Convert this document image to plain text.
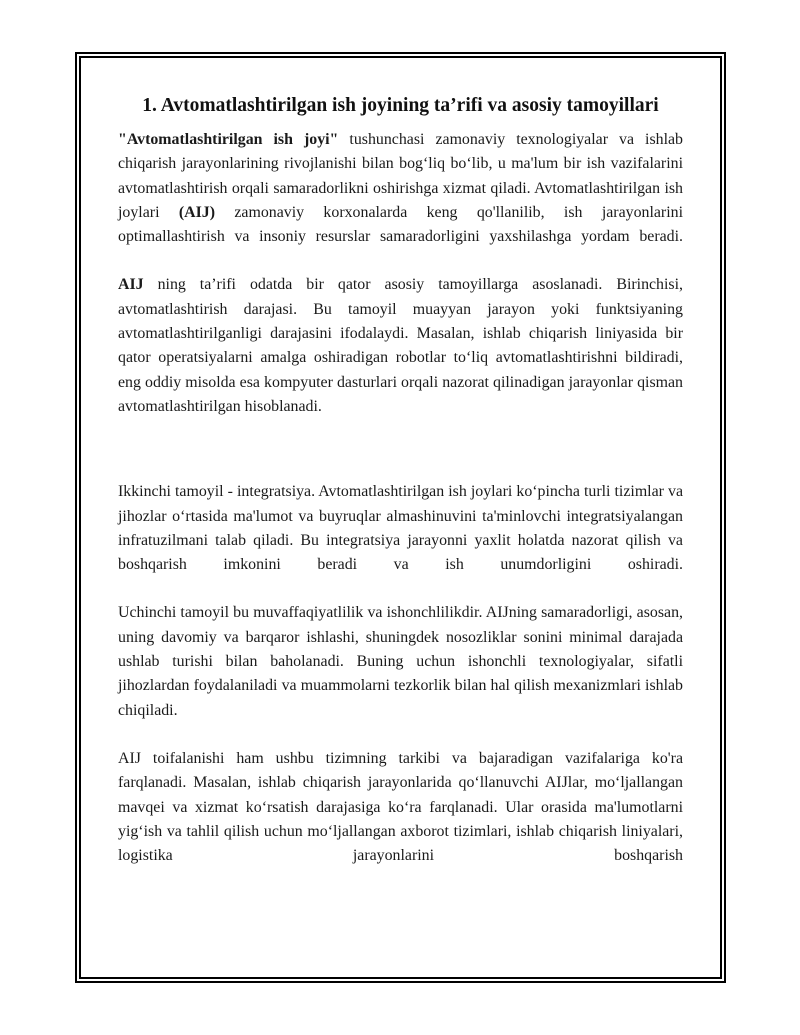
1. Avtomatlashtirilgan ish joyining ta’rifi va asosiy tamoyillari

"Avtomatlashtirilgan ish joyi" tushunchasi zamonaviy texnologiyalar va ishlab chiqarish jarayonlarining rivojlanishi bilan bog‘liq bo‘lib, u ma'lum bir ish vazifalarini avtomatlashtirish orqali samaradorlikni oshirishga xizmat qiladi. Avtomatlashtirilgan ish joylari (AIJ) zamonaviy korxonalarda keng qo'llanilib, ish jarayonlarini optimallashtirish va insoniy resurslar samaradorligini yaxshilashga yordam beradi.

AIJ ning ta’rifi odatda bir qator asosiy tamoyillarga asoslanadi. Birinchisi, avtomatlashtirish darajasi. Bu tamoyil muayyan jarayon yoki funktsiyaning avtomatlashtirilganligi darajasini ifodalaydi. Masalan, ishlab chiqarish liniyasida bir qator operatsiyalarni amalga oshiradigan robotlar to‘liq avtomatlashtirishni bildiradi, eng oddiy misolda esa kompyuter dasturlari orqali nazorat qilinadigan jarayonlar qisman avtomatlashtirilgan hisoblanadi.

Ikkinchi tamoyil - integratsiya. Avtomatlashtirilgan ish joylari ko‘pincha turli tizimlar va jihozlar o‘rtasida ma'lumot va buyruqlar almashinuvini ta'minlovchi integratsiyalangan infratuzilmani talab qiladi. Bu integratsiya jarayonni yaxlit holatda nazorat qilish va boshqarish imkonini beradi va ish unumdorligini oshiradi.

Uchinchi tamoyil bu muvaffaqiyatlilik va ishonchlilikdir. AIJning samaradorligi, asosan, uning davomiy va barqaror ishlashi, shuningdek nosozliklar sonini minimal darajada ushlab turishi bilan baholanadi. Buning uchun ishonchli texnologiyalar, sifatli jihozlardan foydalaniladi va muammolarni tezkorlik bilan hal qilish mexanizmlari ishlab chiqiladi.

AIJ toifalanishi ham ushbu tizimning tarkibi va bajaradigan vazifalariga ko'ra farqlanadi. Masalan, ishlab chiqarish jarayonlarida qo‘llanuvchi AIJlar, mo‘ljallangan mavqei va xizmat ko‘rsatish darajasiga ko‘ra farqlanadi. Ular orasida ma'lumotlarni yig‘ish va tahlil qilish uchun mo‘ljallangan axborot tizimlari, ishlab chiqarish liniyalari, logistika jarayonlarini boshqarish
